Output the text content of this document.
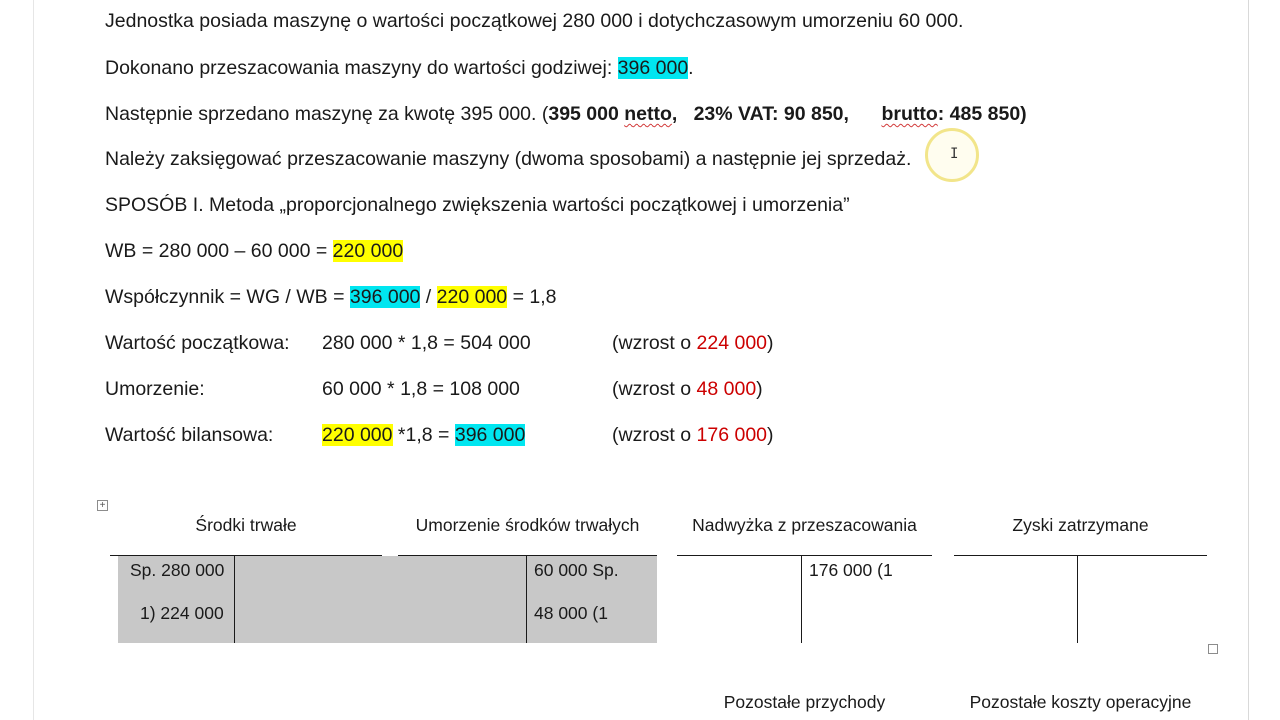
Jednostka posiada maszynę o wartości początkowej 280 000 i dotychczasowym umorzeniu 60 000.
Dokonano przeszacowania maszyny do wartości godziwej: 396 000.
Następnie sprzedano maszynę za kwotę 395 000. (395 000 netto,   23% VAT: 90 850,      brutto: 485 850)
Należy zaksięgować przeszacowanie maszyny (dwoma sposobami) a następnie jej sprzedaż.
SPOSÓB I. Metoda „proporcjonalnego zwiększenia wartości początkowej i umorzenia”
WB = 280 000 – 60 000 = 220 000
Współczynnik = WG / WB = 396 000 / 220 000 = 1,8
Wartość początkowa: 280 000 * 1,8 = 504 000	(wzrost o 224 000)
Umorzenie:	60 000 * 1,8 = 108 000	(wzrost o 48 000)
Wartość bilansowa: 220 000 *1,8 = 396 000	(wzrost o 176 000)
+
Środki trwałe
Sp. 280 000
1) 224 000
Umorzenie środków trwałych
60 000 Sp.
48 000 (1
Nadwyżka z przeszacowania
176 000 (1
Zyski zatrzymane
Pozostałe przychody	Pozostałe koszty operacyjne
I
